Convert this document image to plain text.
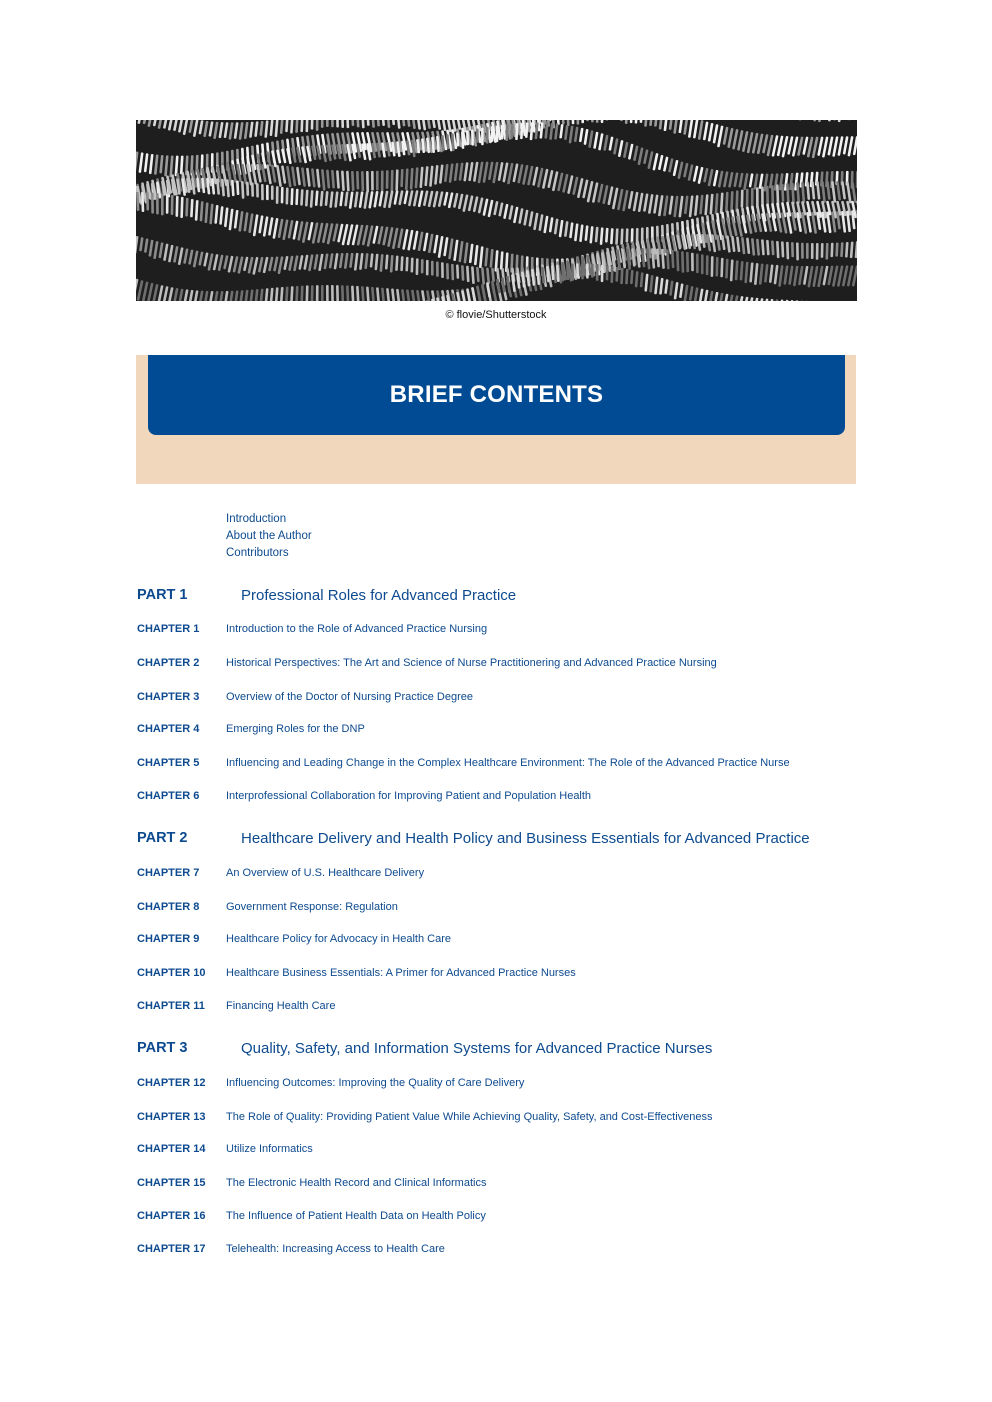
© flovie/Shutterstock
BRIEF CONTENTS
Introduction
About the Author
Contributors
PART 1	Professional Roles for Advanced Practice
CHAPTER 1 Introduction to the Role of Advanced Practice Nursing
CHAPTER 2 Historical Perspectives: The Art and Science of Nurse Practitionering and Advanced Practice Nursing
CHAPTER 3 Overview of the Doctor of Nursing Practice Degree
CHAPTER 4 Emerging Roles for the DNP
CHAPTER 5 Influencing and Leading Change in the Complex Healthcare Environment: The Role of the Advanced Practice Nurse
CHAPTER 6 Interprofessional Collaboration for Improving Patient and Population Health
PART 2	Healthcare Delivery and Health Policy and Business Essentials for Advanced Practice
CHAPTER 7 An Overview of U.S. Healthcare Delivery
CHAPTER 8 Government Response: Regulation
CHAPTER 9 Healthcare Policy for Advocacy in Health Care
CHAPTER 10 Healthcare Business Essentials: A Primer for Advanced Practice Nurses
CHAPTER 11 Financing Health Care
PART 3	Quality, Safety, and Information Systems for Advanced Practice Nurses
CHAPTER 12 Influencing Outcomes: Improving the Quality of Care Delivery
CHAPTER 13 The Role of Quality: Providing Patient Value While Achieving Quality, Safety, and Cost-Effectiveness
CHAPTER 14 Utilize Informatics
CHAPTER 15 The Electronic Health Record and Clinical Informatics
CHAPTER 16 The Influence of Patient Health Data on Health Policy
CHAPTER 17 Telehealth: Increasing Access to Health Care
